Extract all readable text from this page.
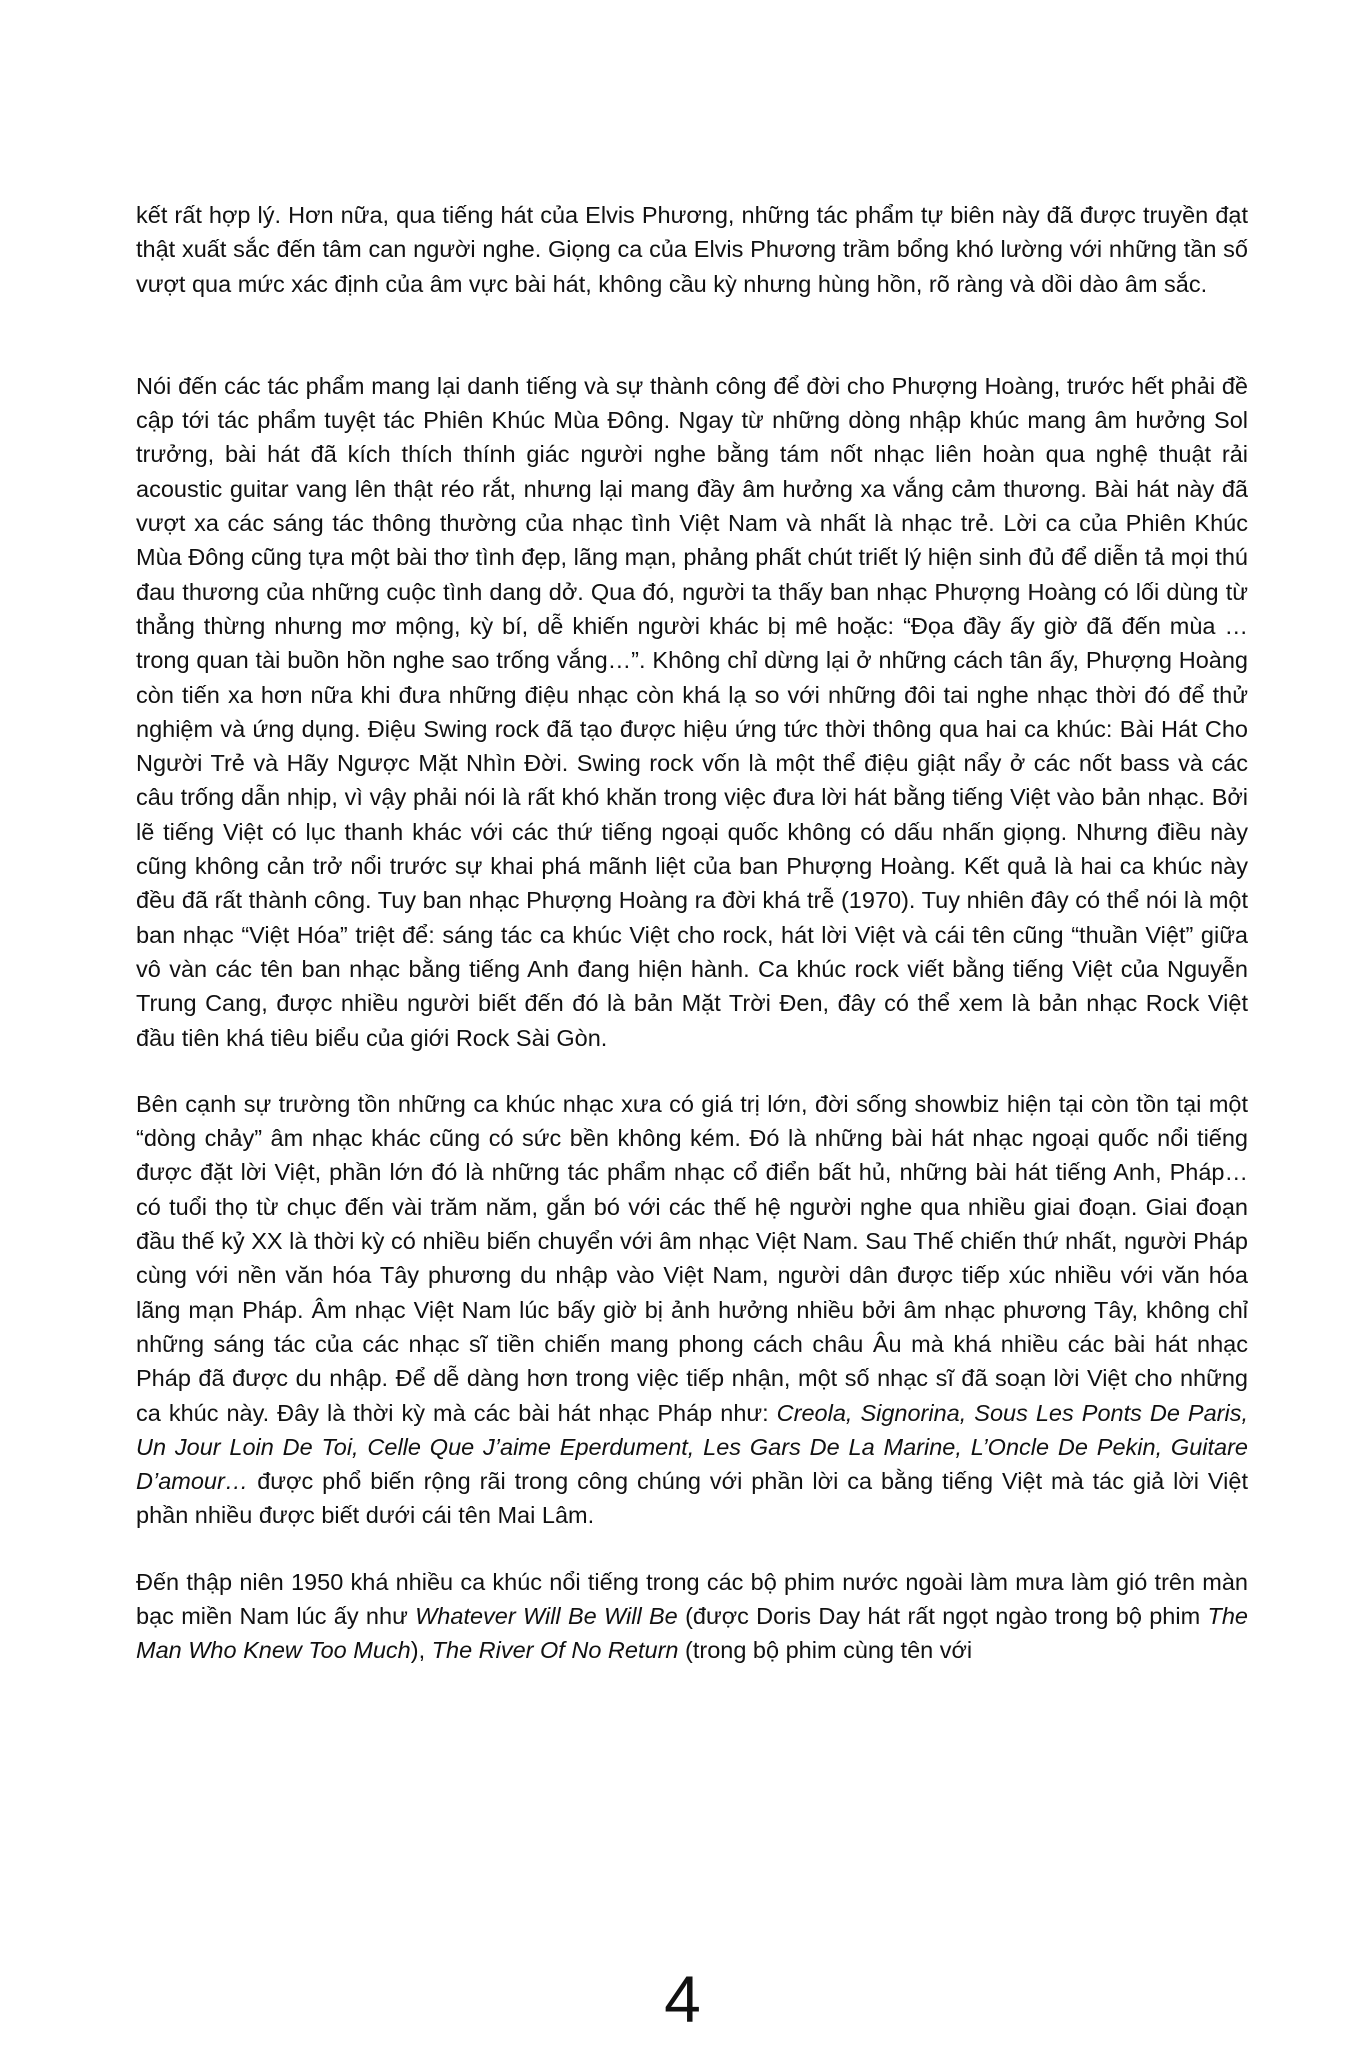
kết rất hợp lý. Hơn nữa, qua tiếng hát của Elvis Phương, những tác phẩm tự biên này đã được truyền đạt thật xuất sắc đến tâm can người nghe. Giọng ca của Elvis Phương trầm bổng khó lường với những tần số vượt qua mức xác định của âm vực bài hát, không cầu kỳ nhưng hùng hồn, rõ ràng và dồi dào âm sắc.

Nói đến các tác phẩm mang lại danh tiếng và sự thành công để đời cho Phượng Hoàng, trước hết phải đề cập tới tác phẩm tuyệt tác Phiên Khúc Mùa Đông. Ngay từ những dòng nhập khúc mang âm hưởng Sol trưởng, bài hát đã kích thích thính giác người nghe bằng tám nốt nhạc liên hoàn qua nghệ thuật rải acoustic guitar vang lên thật réo rắt, nhưng lại mang đầy âm hưởng xa vắng cảm thương. Bài hát này đã vượt xa các sáng tác thông thường của nhạc tình Việt Nam và nhất là nhạc trẻ. Lời ca của Phiên Khúc Mùa Đông cũng tựa một bài thơ tình đẹp, lãng mạn, phảng phất chút triết lý hiện sinh đủ để diễn tả mọi thú đau thương của những cuộc tình dang dở. Qua đó, người ta thấy ban nhạc Phượng Hoàng có lối dùng từ thẳng thừng nhưng mơ mộng, kỳ bí, dễ khiến người khác bị mê hoặc: “Đọa đầy ấy giờ đã đến mùa …trong quan tài buồn hồn nghe sao trống vắng…”. Không chỉ dừng lại ở những cách tân ấy, Phượng Hoàng còn tiến xa hơn nữa khi đưa những điệu nhạc còn khá lạ so với những đôi tai nghe nhạc thời đó để thử nghiệm và ứng dụng. Điệu Swing rock đã tạo được hiệu ứng tức thời thông qua hai ca khúc: Bài Hát Cho Người Trẻ và Hãy Ngược Mặt Nhìn Đời. Swing rock vốn là một thể điệu giật nẩy ở các nốt bass và các câu trống dẫn nhịp, vì vậy phải nói là rất khó khăn trong việc đưa lời hát bằng tiếng Việt vào bản nhạc. Bởi lẽ tiếng Việt có lục thanh khác với các thứ tiếng ngoại quốc không có dấu nhấn giọng. Nhưng điều này cũng không cản trở nổi trước sự khai phá mãnh liệt của ban Phượng Hoàng. Kết quả là hai ca khúc này đều đã rất thành công. Tuy ban nhạc Phượng Hoàng ra đời khá trễ (1970). Tuy nhiên đây có thể nói là một ban nhạc “Việt Hóa” triệt để: sáng tác ca khúc Việt cho rock, hát lời Việt và cái tên cũng “thuần Việt” giữa vô vàn các tên ban nhạc bằng tiếng Anh đang hiện hành. Ca khúc rock viết bằng tiếng Việt của Nguyễn Trung Cang, được nhiều người biết đến đó là bản Mặt Trời Đen, đây có thể xem là bản nhạc Rock Việt đầu tiên khá tiêu biểu của giới Rock Sài Gòn.

Bên cạnh sự trường tồn những ca khúc nhạc xưa có giá trị lớn, đời sống showbiz hiện tại còn tồn tại một “dòng chảy” âm nhạc khác cũng có sức bền không kém. Đó là những bài hát nhạc ngoại quốc nổi tiếng được đặt lời Việt, phần lớn đó là những tác phẩm nhạc cổ điển bất hủ, những bài hát tiếng Anh, Pháp… có tuổi thọ từ chục đến vài trăm năm, gắn bó với các thế hệ người nghe qua nhiều giai đoạn. Giai đoạn đầu thế kỷ XX là thời kỳ có nhiều biến chuyển với âm nhạc Việt Nam. Sau Thế chiến thứ nhất, người Pháp cùng với nền văn hóa Tây phương du nhập vào Việt Nam, người dân được tiếp xúc nhiều với văn hóa lãng mạn Pháp. Âm nhạc Việt Nam lúc bấy giờ bị ảnh hưởng nhiều bởi âm nhạc phương Tây, không chỉ những sáng tác của các nhạc sĩ tiền chiến mang phong cách châu Âu mà khá nhiều các bài hát nhạc Pháp đã được du nhập. Để dễ dàng hơn trong việc tiếp nhận, một số nhạc sĩ đã soạn lời Việt cho những ca khúc này. Đây là thời kỳ mà các bài hát nhạc Pháp như: Creola, Signorina, Sous Les Ponts De Paris, Un Jour Loin De Toi, Celle Que J’aime Eperdument, Les Gars De La Marine, L’Oncle De Pekin, Guitare D’amour… được phổ biến rộng rãi trong công chúng với phần lời ca bằng tiếng Việt mà tác giả lời Việt phần nhiều được biết dưới cái tên Mai Lâm.

Đến thập niên 1950 khá nhiều ca khúc nổi tiếng trong các bộ phim nước ngoài làm mưa làm gió trên màn bạc miền Nam lúc ấy như Whatever Will Be Will Be (được Doris Day hát rất ngọt ngào trong bộ phim The Man Who Knew Too Much), The River Of No Return (trong bộ phim cùng tên với

4
